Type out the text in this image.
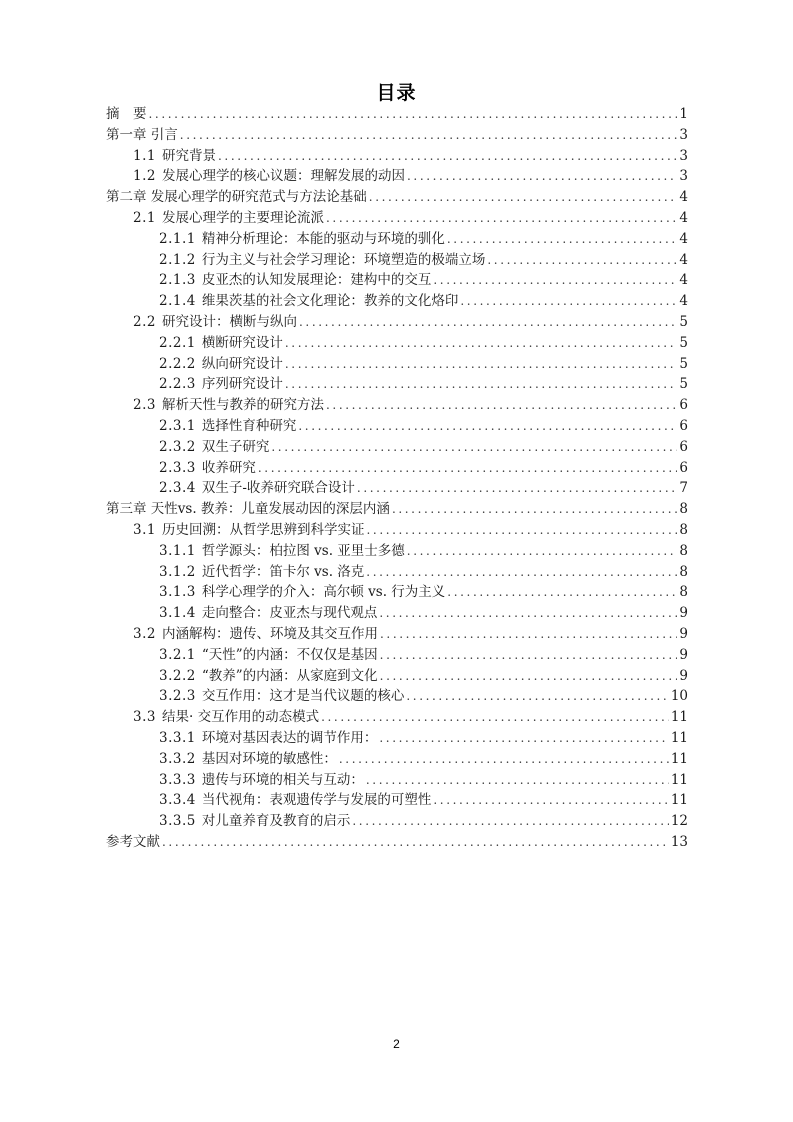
目录
摘　要 .....	1
第一章 引言 .....	3
1.1 研究背景 .....	3
1.2 发展心理学的核心议题：理解发展的动因 .....	3
第二章 发展心理学的研究范式与方法论基础 .....	4
2.1 发展心理学的主要理论流派 .....	4
2.1.1 精神分析理论：本能的驱动与环境的驯化 .....	4
2.1.2 行为主义与社会学习理论：环境塑造的极端立场 .....	4
2.1.3 皮亚杰的认知发展理论：建构中的交互 .....	4
2.1.4 维果茨基的社会文化理论：教养的文化烙印 .....	4
2.2 研究设计：横断与纵向 .....	5
2.2.1 横断研究设计 .....	5
2.2.2 纵向研究设计 .....	5
2.2.3 序列研究设计 .....	5
2.3 解析天性与教养的研究方法 .....	6
2.3.1 选择性育种研究 .....	6
2.3.2 双生子研究 .....	6
2.3.3 收养研究 .....	6
2.3.4 双生子-收养研究联合设计 .....	7
第三章 天性vs. 教养：儿童发展动因的深层内涵 .....	8
3.1 历史回溯：从哲学思辨到科学实证 .....	8
3.1.1 哲学源头：柏拉图 vs. 亚里士多德 .....	8
3.1.2 近代哲学：笛卡尔 vs. 洛克 .....	8
3.1.3 科学心理学的介入：高尔顿 vs. 行为主义 .....	8
3.1.4 走向整合：皮亚杰与现代观点 .....	9
3.2 内涵解构：遗传、环境及其交互作用 .....	9
3.2.1 “天性”的内涵：不仅仅是基因 .....	9
3.2.2 “教养”的内涵：从家庭到文化 .....	9
3.2.3 交互作用：这才是当代议题的核心 .....	10
3.3 结果· 交互作用的动态模式 .....	11
3.3.1 环境对基因表达的调节作用： .....	11
3.3.2 基因对环境的敏感性： .....	11
3.3.3 遗传与环境的相关与互动： .....	11
3.3.4 当代视角：表观遗传学与发展的可塑性 .....	11
3.3.5 对儿童养育及教育的启示 .....	12
参考文献 .....	13
2
